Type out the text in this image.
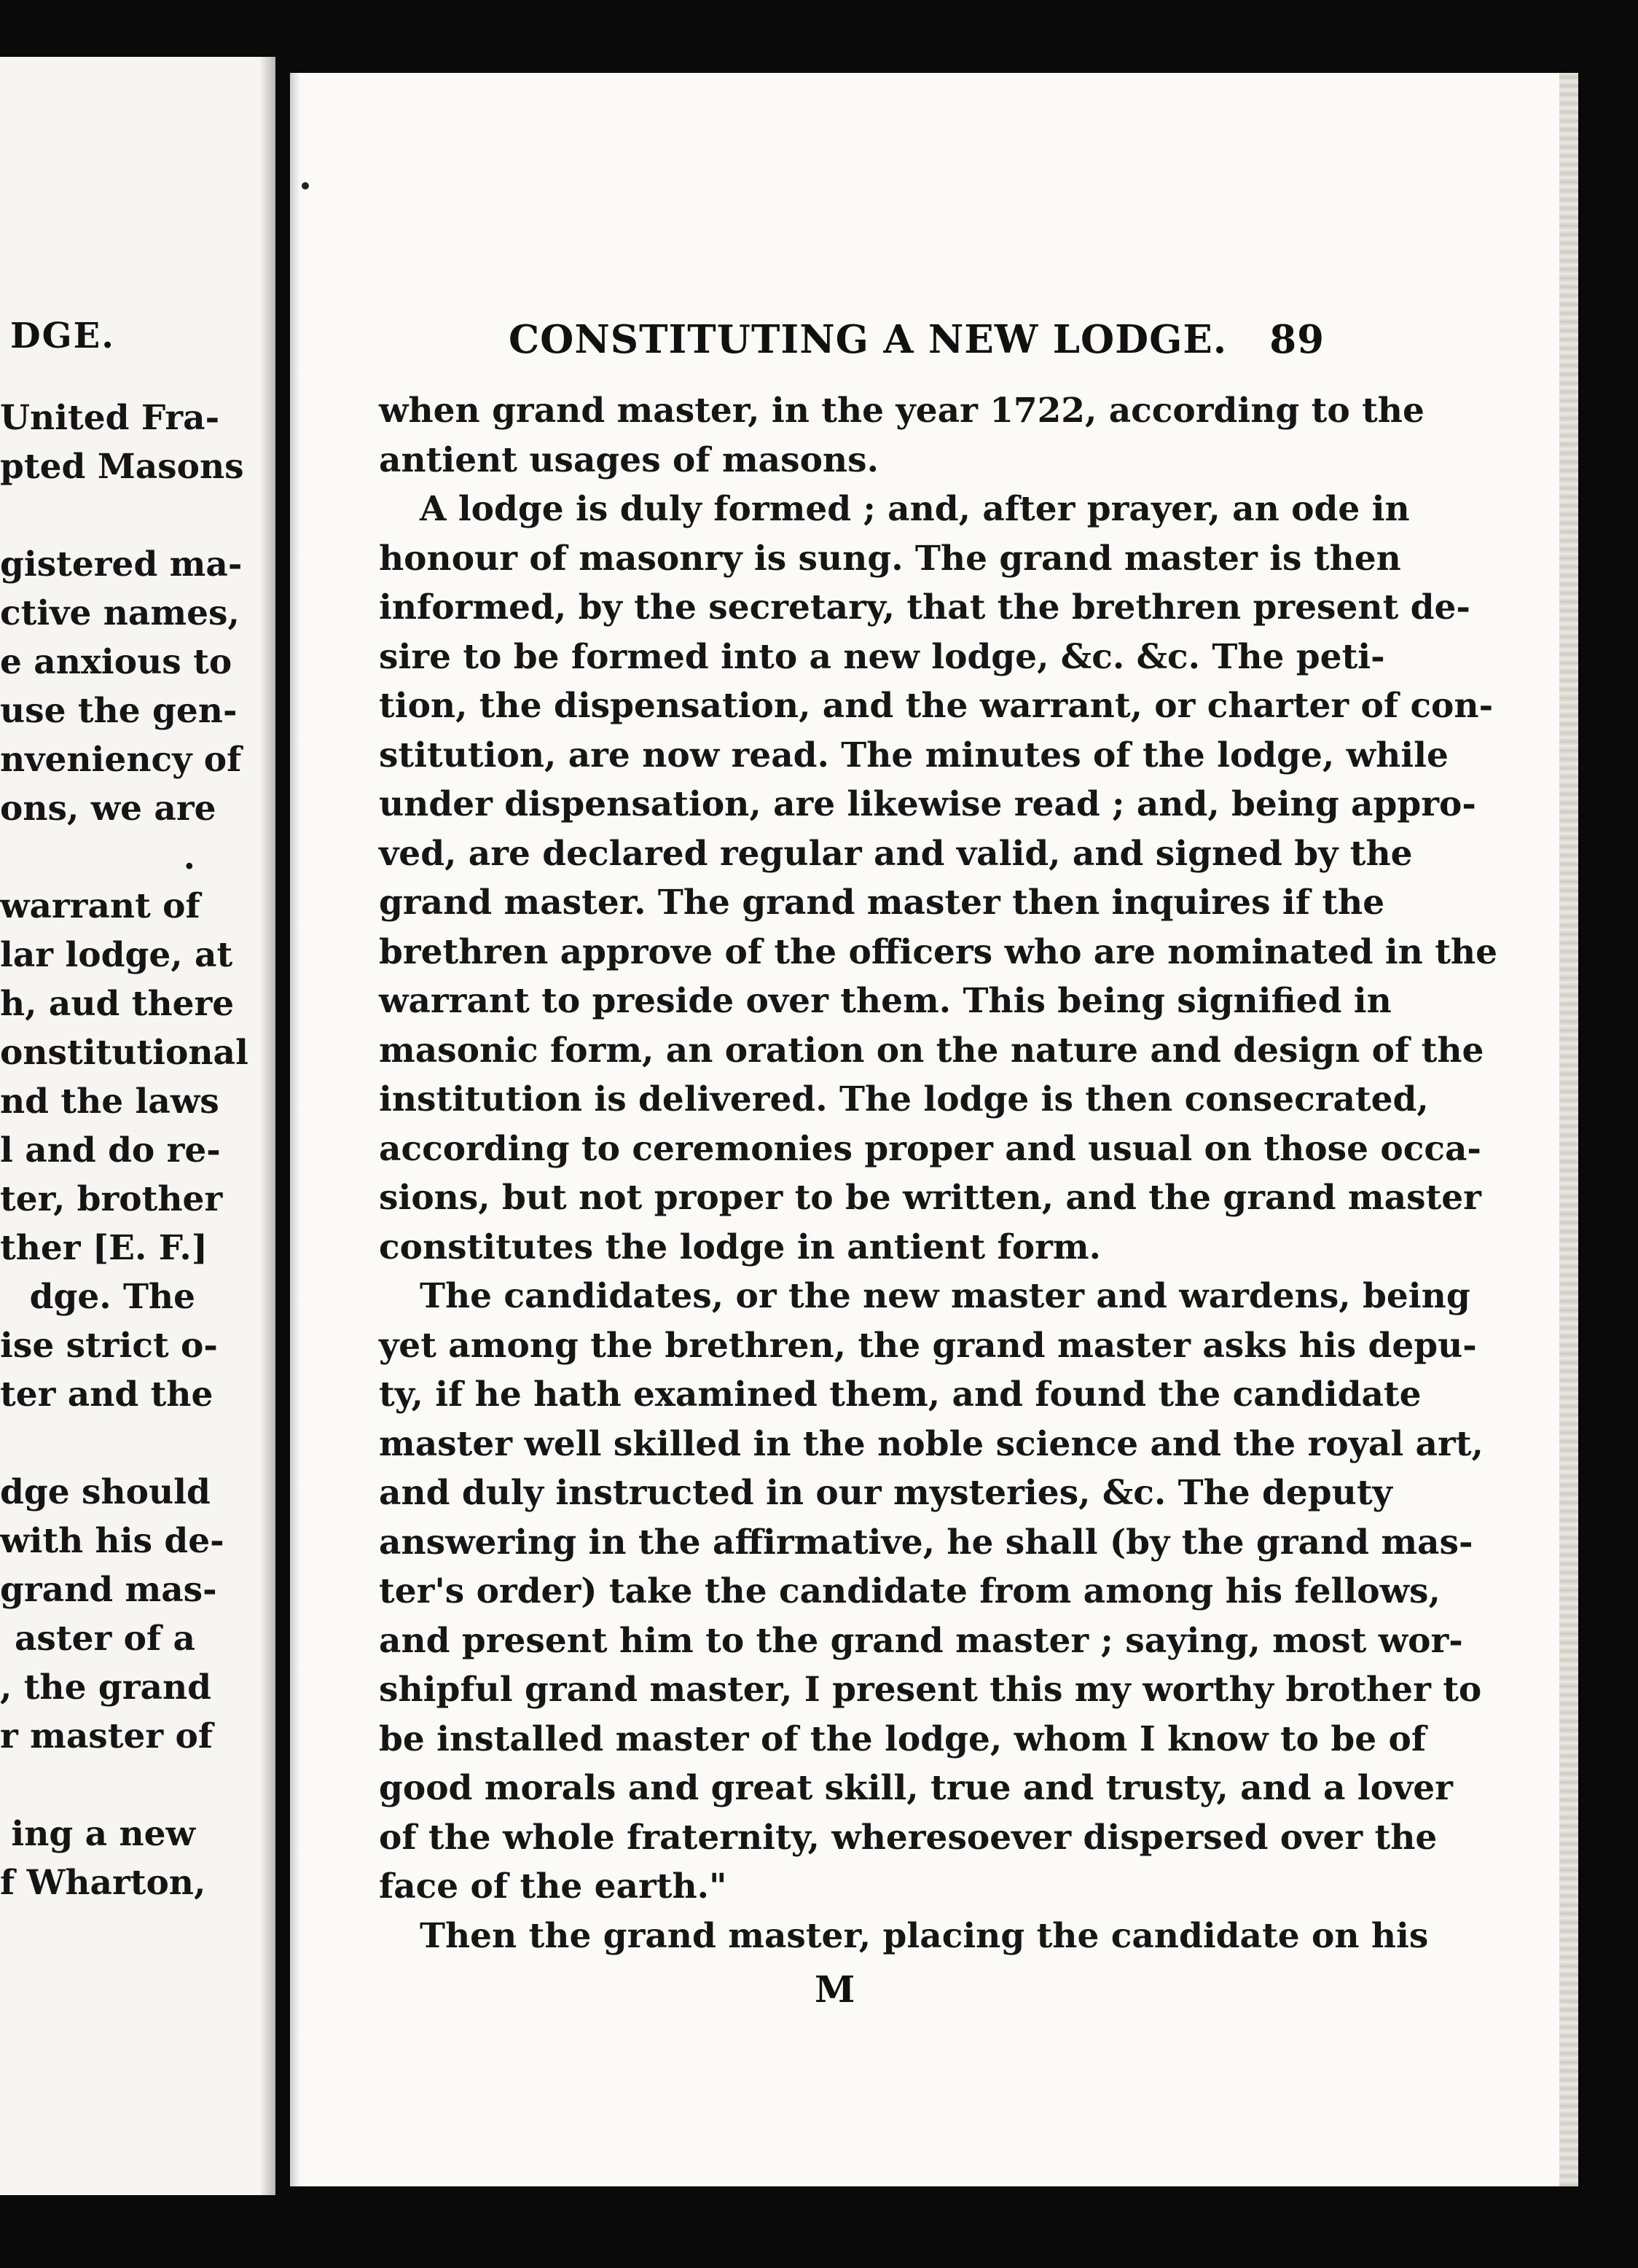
DGE.
United Fra-
pted Masons
gistered ma-
ctive names,
e anxious to
use the gen-
nveniency of
ons, we are
.
warrant of
lar lodge, at
h, aud there
onstitutional
nd the laws
l and do re-
ter, brother
ther [E. F.]
dge. The
ise strict o-
ter and the
dge should
with his de-
grand mas-
aster of a
, the grand
r master of
ing a new
f Wharton,
CONSTITUTING A NEW LODGE. 89
when grand master, in the year 1722, according to the
antient usages of masons.
A lodge is duly formed ; and, after prayer, an ode in
honour of masonry is sung. The grand master is then
informed, by the secretary, that the brethren present de-
sire to be formed into a new lodge, &c. &c. The peti-
tion, the dispensation, and the warrant, or charter of con-
stitution, are now read. The minutes of the lodge, while
under dispensation, are likewise read ; and, being appro-
ved, are declared regular and valid, and signed by the
grand master. The grand master then inquires if the
brethren approve of the officers who are nominated in the
warrant to preside over them. This being signified in
masonic form, an oration on the nature and design of the
institution is delivered. The lodge is then consecrated,
according to ceremonies proper and usual on those occa-
sions, but not proper to be written, and the grand master
constitutes the lodge in antient form.
The candidates, or the new master and wardens, being
yet among the brethren, the grand master asks his depu-
ty, if he hath examined them, and found the candidate
master well skilled in the noble science and the royal art,
and duly instructed in our mysteries, &c. The deputy
answering in the affirmative, he shall (by the grand mas-
ter's order) take the candidate from among his fellows,
and present him to the grand master ; saying, most wor-
shipful grand master, I present this my worthy brother to
be installed master of the lodge, whom I know to be of
good morals and great skill, true and trusty, and a lover
of the whole fraternity, wheresoever dispersed over the
face of the earth."
Then the grand master, placing the candidate on his
M
